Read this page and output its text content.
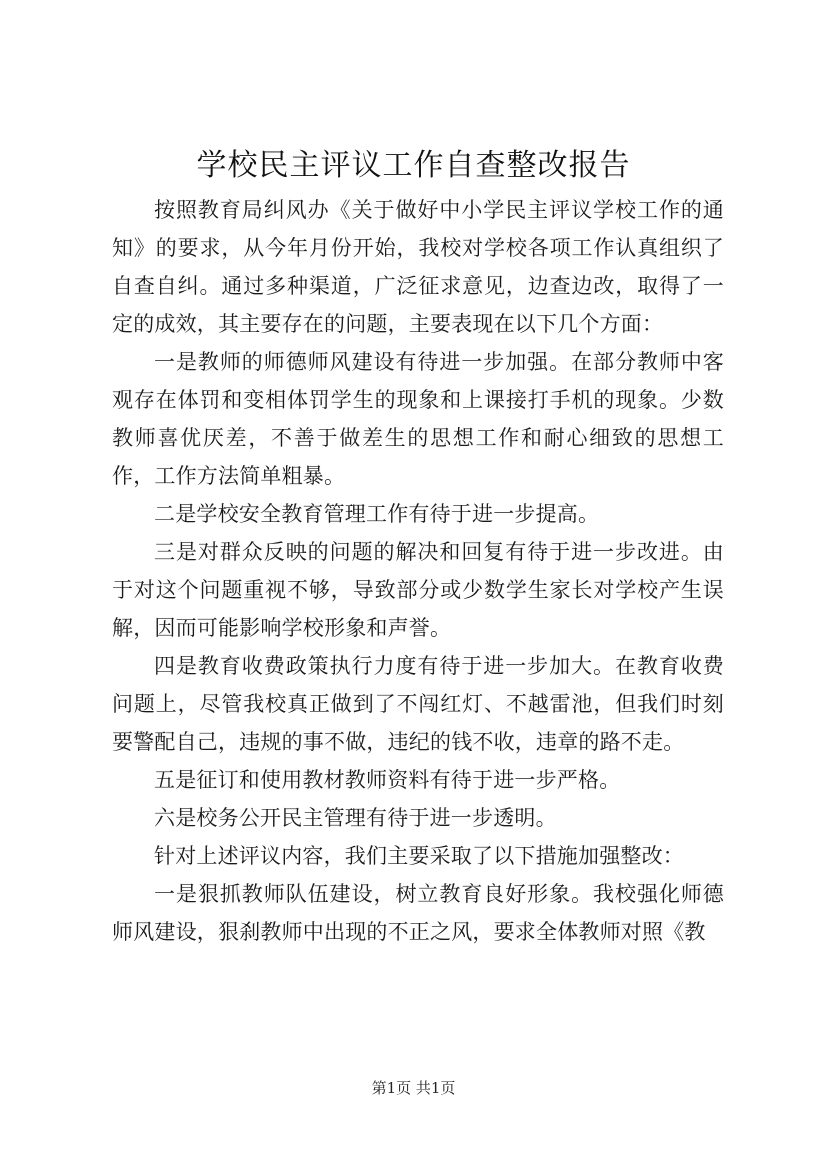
学校民主评议工作自查整改报告

按照教育局纠风办《关于做好中小学民主评议学校工作的通知》的要求，从今年月份开始，我校对学校各项工作认真组织了自查自纠。通过多种渠道，广泛征求意见，边查边改，取得了一定的成效，其主要存在的问题，主要表现在以下几个方面：

一是教师的师德师风建设有待进一步加强。在部分教师中客观存在体罚和变相体罚学生的现象和上课接打手机的现象。少数教师喜优厌差，不善于做差生的思想工作和耐心细致的思想工作，工作方法简单粗暴。

二是学校安全教育管理工作有待于进一步提高。

三是对群众反映的问题的解决和回复有待于进一步改进。由于对这个问题重视不够，导致部分或少数学生家长对学校产生误解，因而可能影响学校形象和声誉。

四是教育收费政策执行力度有待于进一步加大。在教育收费问题上，尽管我校真正做到了不闯红灯、不越雷池，但我们时刻要警配自己，违规的事不做，违纪的钱不收，违章的路不走。

五是征订和使用教材教师资料有待于进一步严格。

六是校务公开民主管理有待于进一步透明。

针对上述评议内容，我们主要采取了以下措施加强整改：

一是狠抓教师队伍建设，树立教育良好形象。我校强化师德师风建设，狠刹教师中出现的不正之风，要求全体教师对照《教

第1页 共1页
